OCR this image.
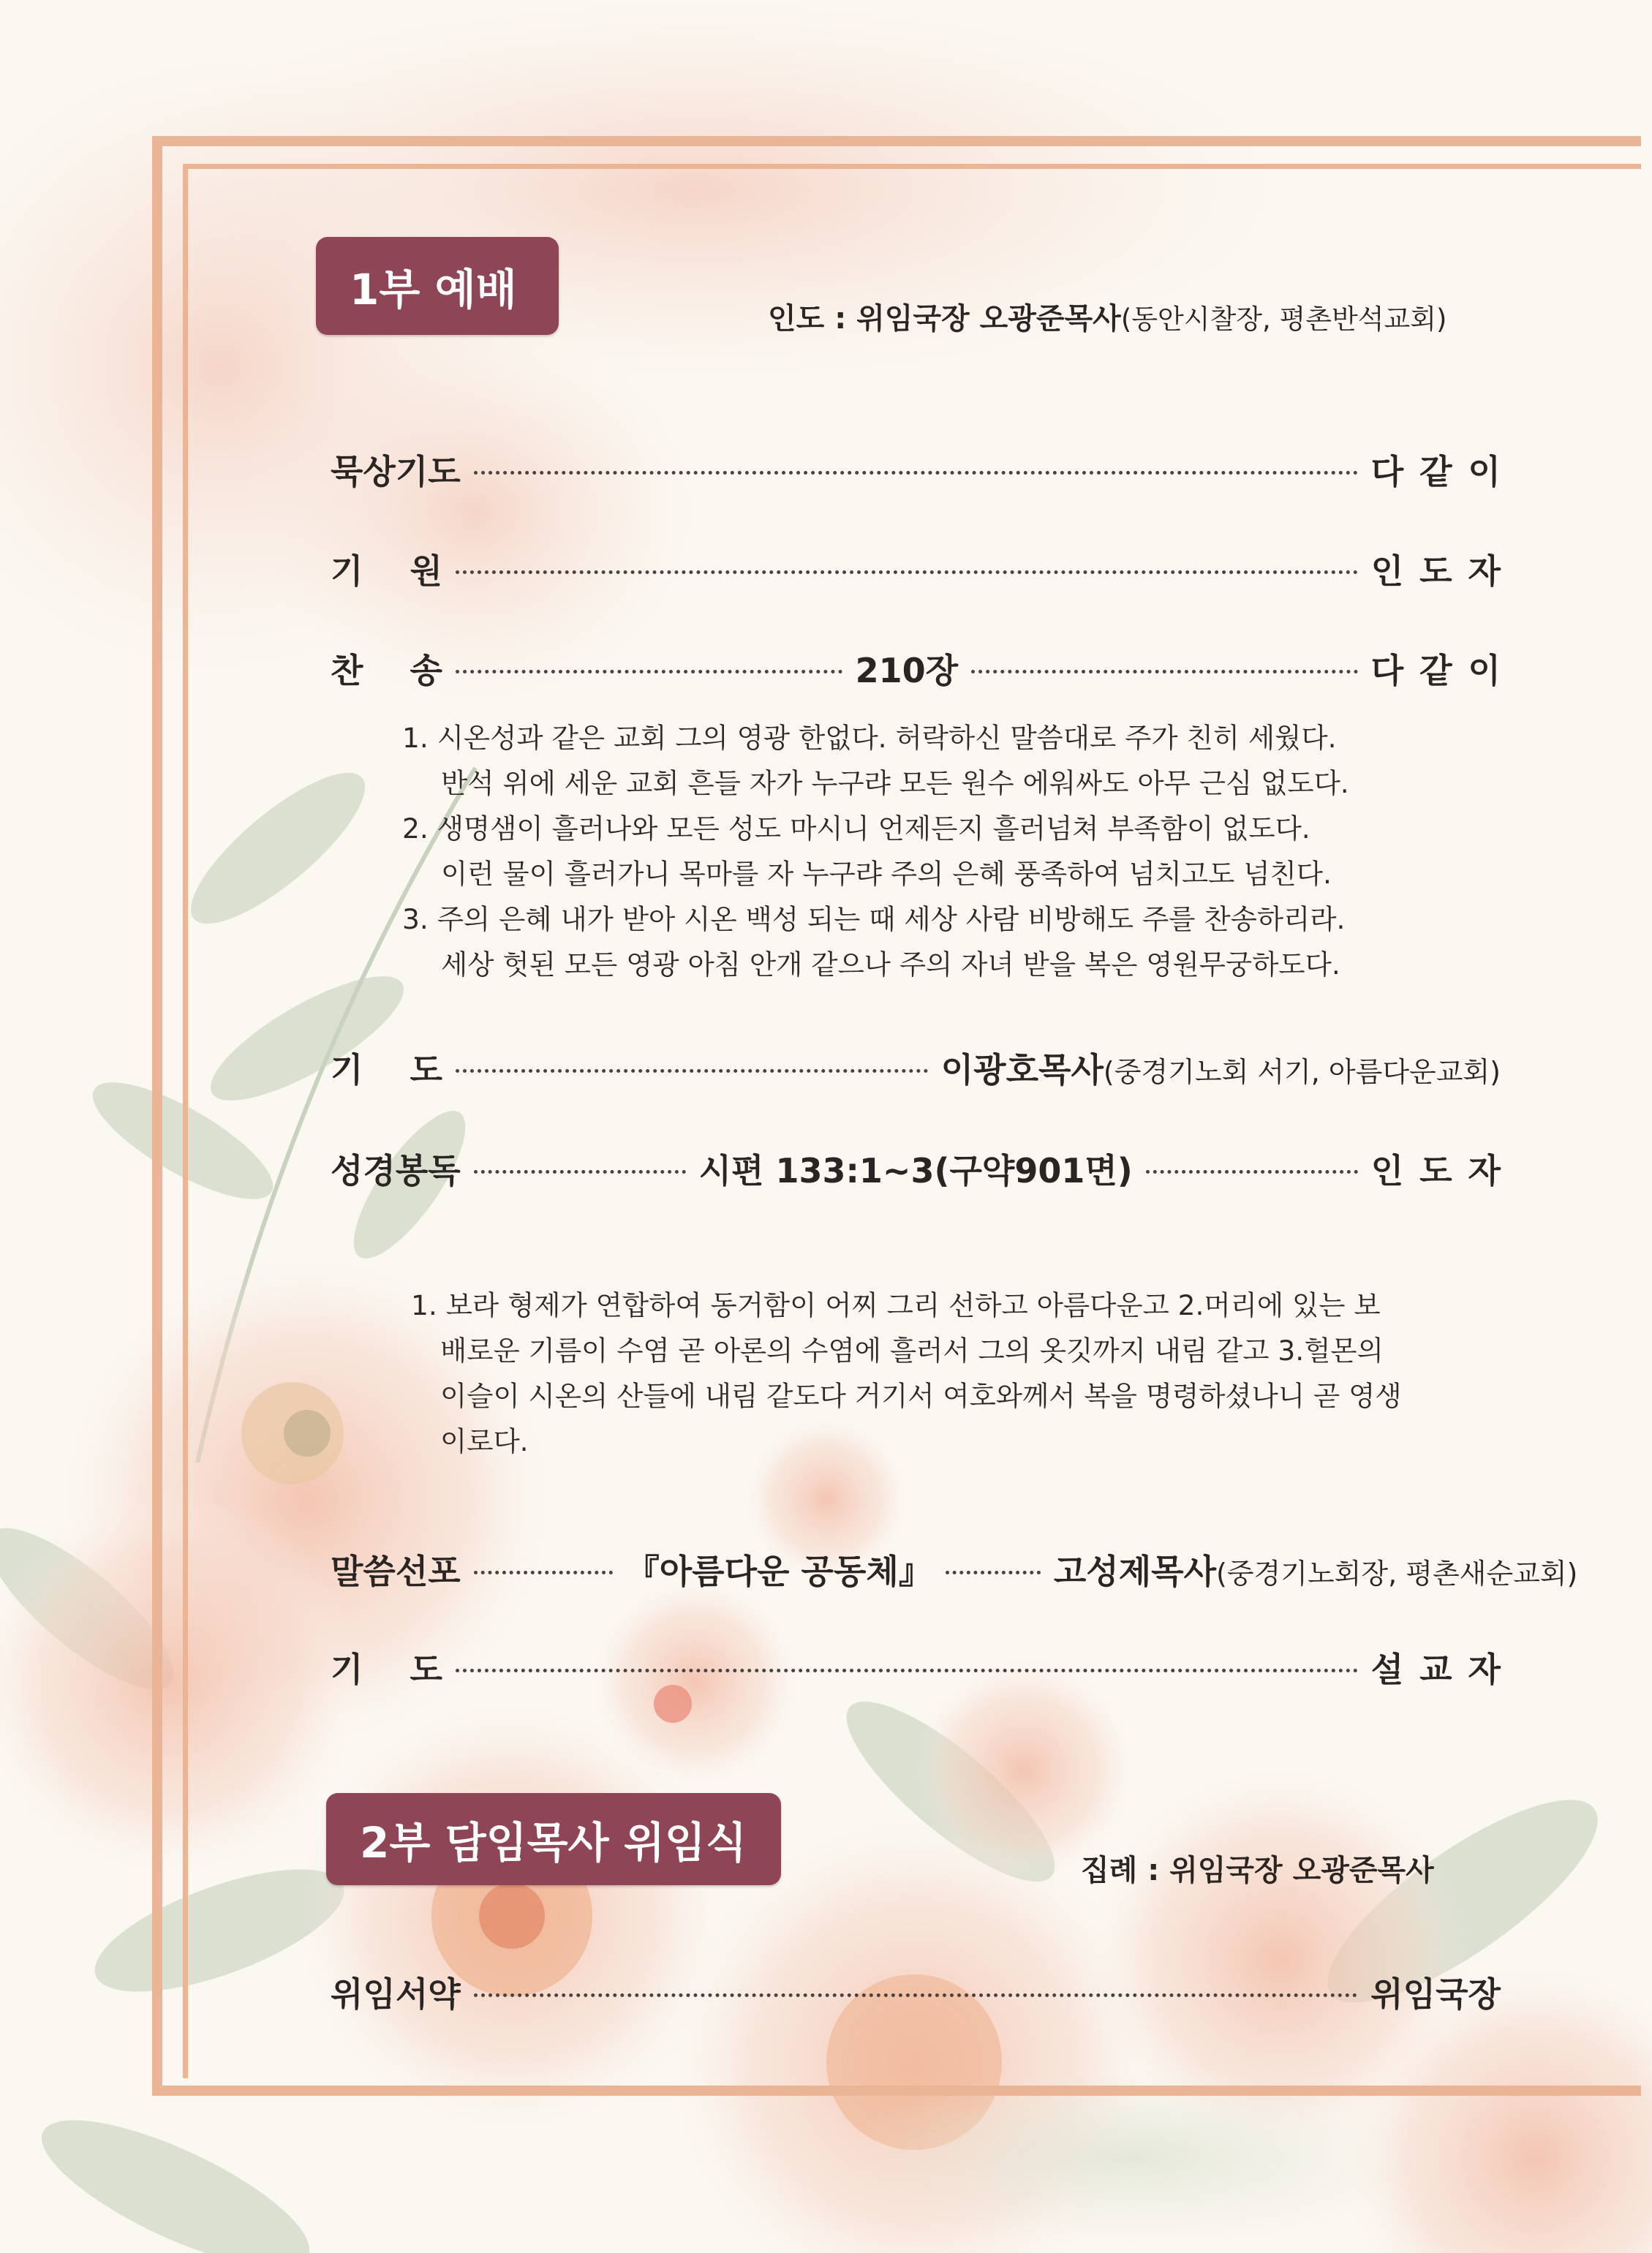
1부 예배
인도 : 위임국장 오광준목사(동안시찰장, 평촌반석교회)
묵상기도	다같이
기    원	인도자
찬    송	210장	다같이
1. 시온성과 같은 교회 그의 영광 한없다. 허락하신 말씀대로 주가 친히 세웠다.
반석 위에 세운 교회 흔들 자가 누구랴 모든 원수 에워싸도 아무 근심 없도다.
2. 생명샘이 흘러나와 모든 성도 마시니 언제든지 흘러넘쳐 부족함이 없도다.
이런 물이 흘러가니 목마를 자 누구랴 주의 은혜 풍족하여 넘치고도 넘친다.
3. 주의 은혜 내가 받아 시온 백성 되는 때 세상 사람 비방해도 주를 찬송하리라.
세상 헛된 모든 영광 아침 안개 같으나 주의 자녀 받을 복은 영원무궁하도다.
기    도	이광호목사(중경기노회 서기, 아름다운교회)
성경봉독	시편 133:1~3(구약901면)	인도자
1. 보라 형제가 연합하여 동거함이 어찌 그리 선하고 아름다운고 2.머리에 있는 보
배로운 기름이 수염 곧 아론의 수염에 흘러서 그의 옷깃까지 내림 같고 3.헐몬의
이슬이 시온의 산들에 내림 같도다 거기서 여호와께서 복을 명령하셨나니 곧 영생
이로다.
말씀선포	『아름다운 공동체』	고성제목사(중경기노회장, 평촌새순교회)
기    도	설교자
2부 담임목사 위임식
집례 : 위임국장 오광준목사
위임서약	위임국장
